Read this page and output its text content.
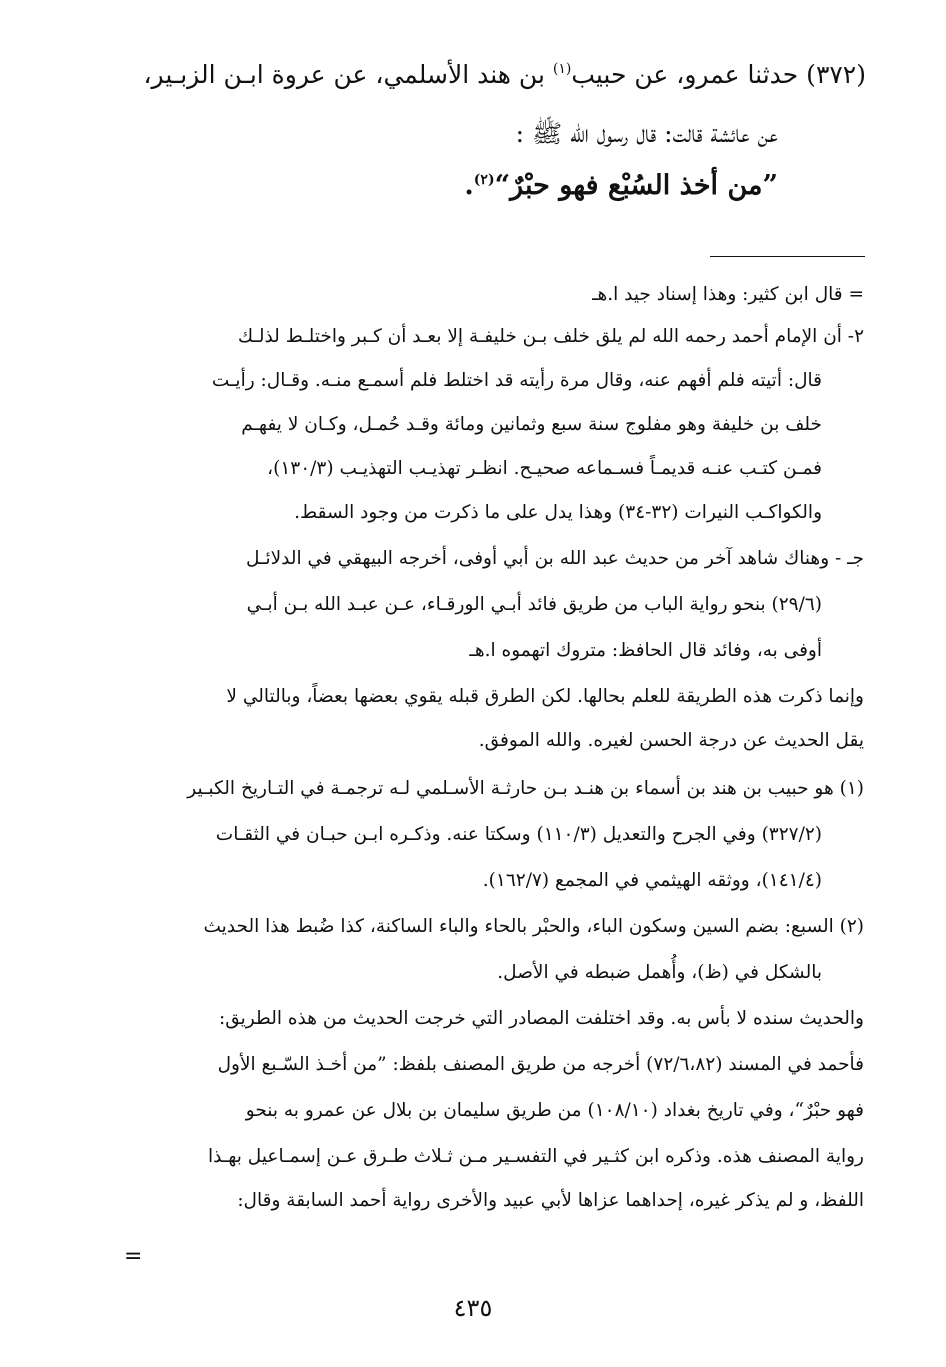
(٣٧٢) حدثنا عمرو، عن حبيب$^{(١)}$ بن هند الأسلمي، عن عروة ابـن الزبـير،
عن عائشة قالت: قال رسول الله ﷺ :
”من أخذ السُبْع فهو حبْرٌ“$^{(٢)}$.
= قال ابن كثير: وهذا إسناد جيد ا.هـ
٢- أن الإمام أحمد رحمه الله لم يلق خلف بـن خليفـة إلا بعـد أن كـبر واختلـط لذلـك
قال: أتيته فلم أفهم عنه، وقال مرة رأيته قد اختلط فلم أسمـع منـه. وقـال: رأيـت
خلف بن خليفة وهو مفلوج سنة سبع وثمانين ومائة وقـد حُمـل، وكـان لا يفهـم
فمـن كتـب عنـه قديمـاً فسـماعه صحيـح. انظـر تهذيـب التهذيـب (١٣٠/٣)،
والكواكـب النيرات (٣٢-٣٤) وهذا يدل على ما ذكرت من وجود السقط.
جـ - وهناك شاهد آخر من حديث عبد الله بن أبي أوفى، أخرجه البيهقي في الدلائـل
(٢٩/٦) بنحو رواية الباب من طريق فائد أبـي الورقـاء، عـن عبـد الله بـن أبـي
أوفى به، وفائد قال الحافظ: متروك اتهموه ا.هـ
وإنما ذكرت هذه الطريقة للعلم بحالها. لكن الطرق قبله يقوي بعضها بعضاً، وبالتالي لا
يقل الحديث عن درجة الحسن لغيره. والله الموفق.
(١) هو حبيب بن هند بن أسماء بن هنـد بـن حارثـة الأسـلمي لـه ترجمـة في التـاريخ الكبـير
(٣٢٧/٢) وفي الجرح والتعديل (١١٠/٣) وسكتا عنه. وذكـره ابـن حبـان في الثقـات
(١٤١/٤)، ووثقه الهيثمي في المجمع (١٦٢/٧).
(٢) السبع: بضم السين وسكون الباء، والحبْر بالحاء والباء الساكنة، كذا ضُبط هذا الحديث
بالشكل في (ظ)، وأُهمل ضبطه في الأصل.
والحديث سنده لا بأس به. وقد اختلفت المصادر التي خرجت الحديث من هذه الطريق:
فأحمد في المسند (٧٢/٦،٨٢) أخرجه من طريق المصنف بلفظ: ”من أخـذ السّـبع الأول
فهو حبْرٌ“، وفي تاريخ بغداد (١٠٨/١٠) من طريق سليمان بن بلال عن عمرو به بنحو
رواية المصنف هذه. وذكره ابن كثـير في التفسـير مـن ثـلاث طـرق عـن إسمـاعيل بهـذا
اللفظ، و لم يذكر غيره، إحداهما عزاها لأبي عبيد والأخرى رواية أحمد السابقة وقال:
=
٤٣٥
